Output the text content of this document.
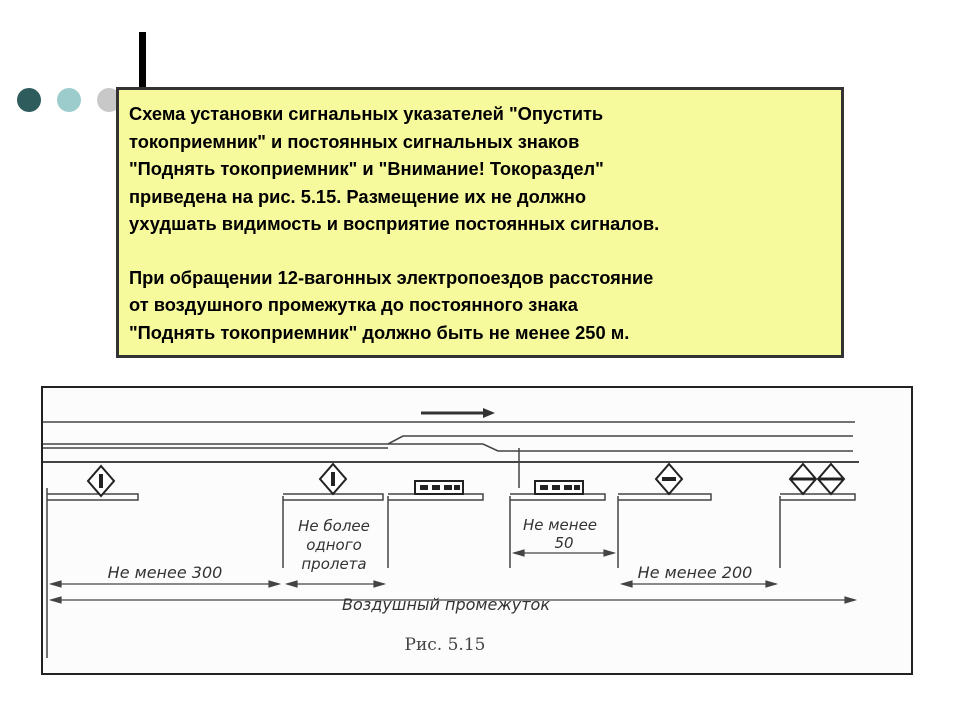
Схема установки сигнальных указателей "Опустить
токоприемник" и постоянных сигнальных знаков
"Поднять токоприемник" и "Внимание! Токораздел"
приведена на рис. 5.15. Размещение их не должно
ухудшать видимость и восприятие постоянных сигналов.

При обращении 12-вагонных электропоездов расстояние
от воздушного промежутка до постоянного знака
"Поднять токоприемник" должно быть не менее 250 м.

Не менее 300
Не более
одного
пролета
Не менее
50
Не менее 200
Воздушный промежуток
Рис. 5.15
